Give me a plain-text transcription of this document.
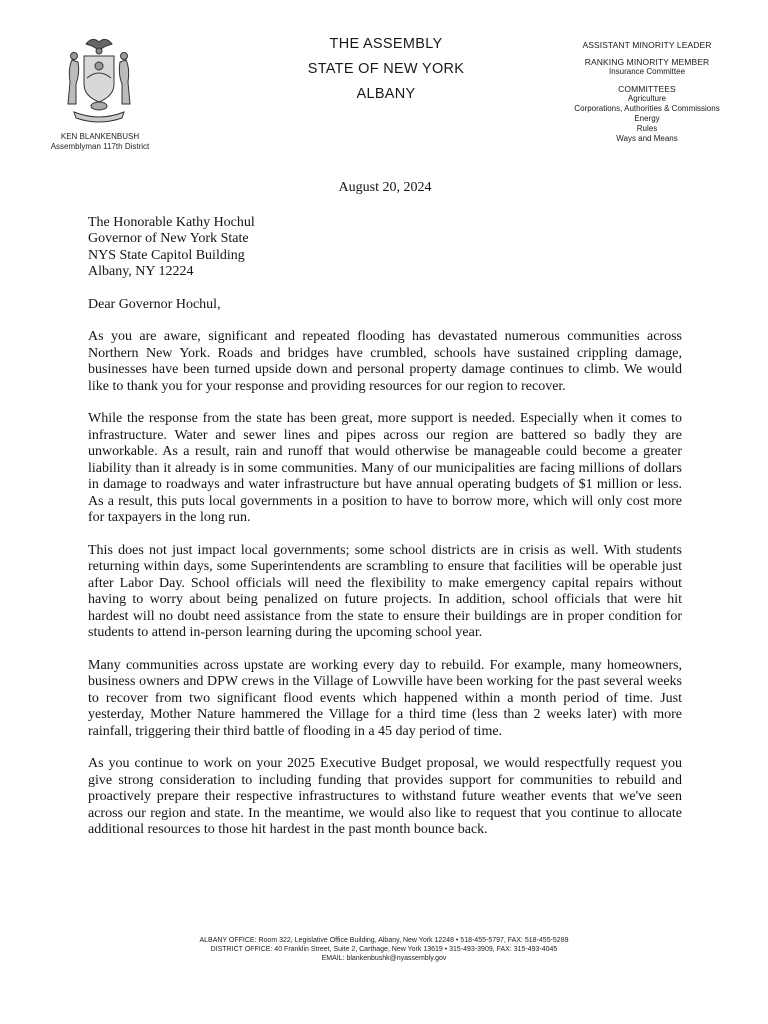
KEN BLANKENBUSH
Assemblyman 117th District
THE ASSEMBLY
STATE OF NEW YORK
ALBANY
ASSISTANT MINORITY LEADER
RANKING MINORITY MEMBER
Insurance Committee
COMMITTEES
Agriculture
Corporations, Authorities & Commissions
Energy
Rules
Ways and Means
August 20, 2024
The Honorable Kathy Hochul
Governor of New York State
NYS State Capitol Building
Albany, NY 12224
Dear Governor Hochul,

As you are aware, significant and repeated flooding has devastated numerous communities across Northern New York. Roads and bridges have crumbled, schools have sustained crippling damage, businesses have been turned upside down and personal property damage continues to climb. We would like to thank you for your response and providing resources for our region to recover.

While the response from the state has been great, more support is needed. Especially when it comes to infrastructure. Water and sewer lines and pipes across our region are battered so badly they are unworkable. As a result, rain and runoff that would otherwise be manageable could become a greater liability than it already is in some communities. Many of our municipalities are facing millions of dollars in damage to roadways and water infrastructure but have annual operating budgets of $1 million or less. As a result, this puts local governments in a position to have to borrow more, which will only cost more for taxpayers in the long run.

This does not just impact local governments; some school districts are in crisis as well. With students returning within days, some Superintendents are scrambling to ensure that facilities will be operable just after Labor Day. School officials will need the flexibility to make emergency capital repairs without having to worry about being penalized on future projects. In addition, school officials that were hit hardest will no doubt need assistance from the state to ensure their buildings are in proper condition for students to attend in-person learning during the upcoming school year.

Many communities across upstate are working every day to rebuild. For example, many homeowners, business owners and DPW crews in the Village of Lowville have been working for the past several weeks to recover from two significant flood events which happened within a month period of time. Just yesterday, Mother Nature hammered the Village for a third time (less than 2 weeks later) with more rainfall, triggering their third battle of flooding in a 45 day period of time.

As you continue to work on your 2025 Executive Budget proposal, we would respectfully request you give strong consideration to including funding that provides support for communities to rebuild and proactively prepare their respective infrastructures to withstand future weather events that we've seen across our region and state. In the meantime, we would also like to request that you continue to allocate additional resources to those hit hardest in the past month bounce back.

ALBANY OFFICE: Room 322, Legislative Office Building, Albany, New York 12248 • 518-455-5797, FAX: 518-455-5289
DISTRICT OFFICE: 40 Franklin Street, Suite 2, Carthage, New York 13619 • 315-493-3909, FAX: 315-493-4045
EMAIL: blankenbushk@nyassembly.gov
